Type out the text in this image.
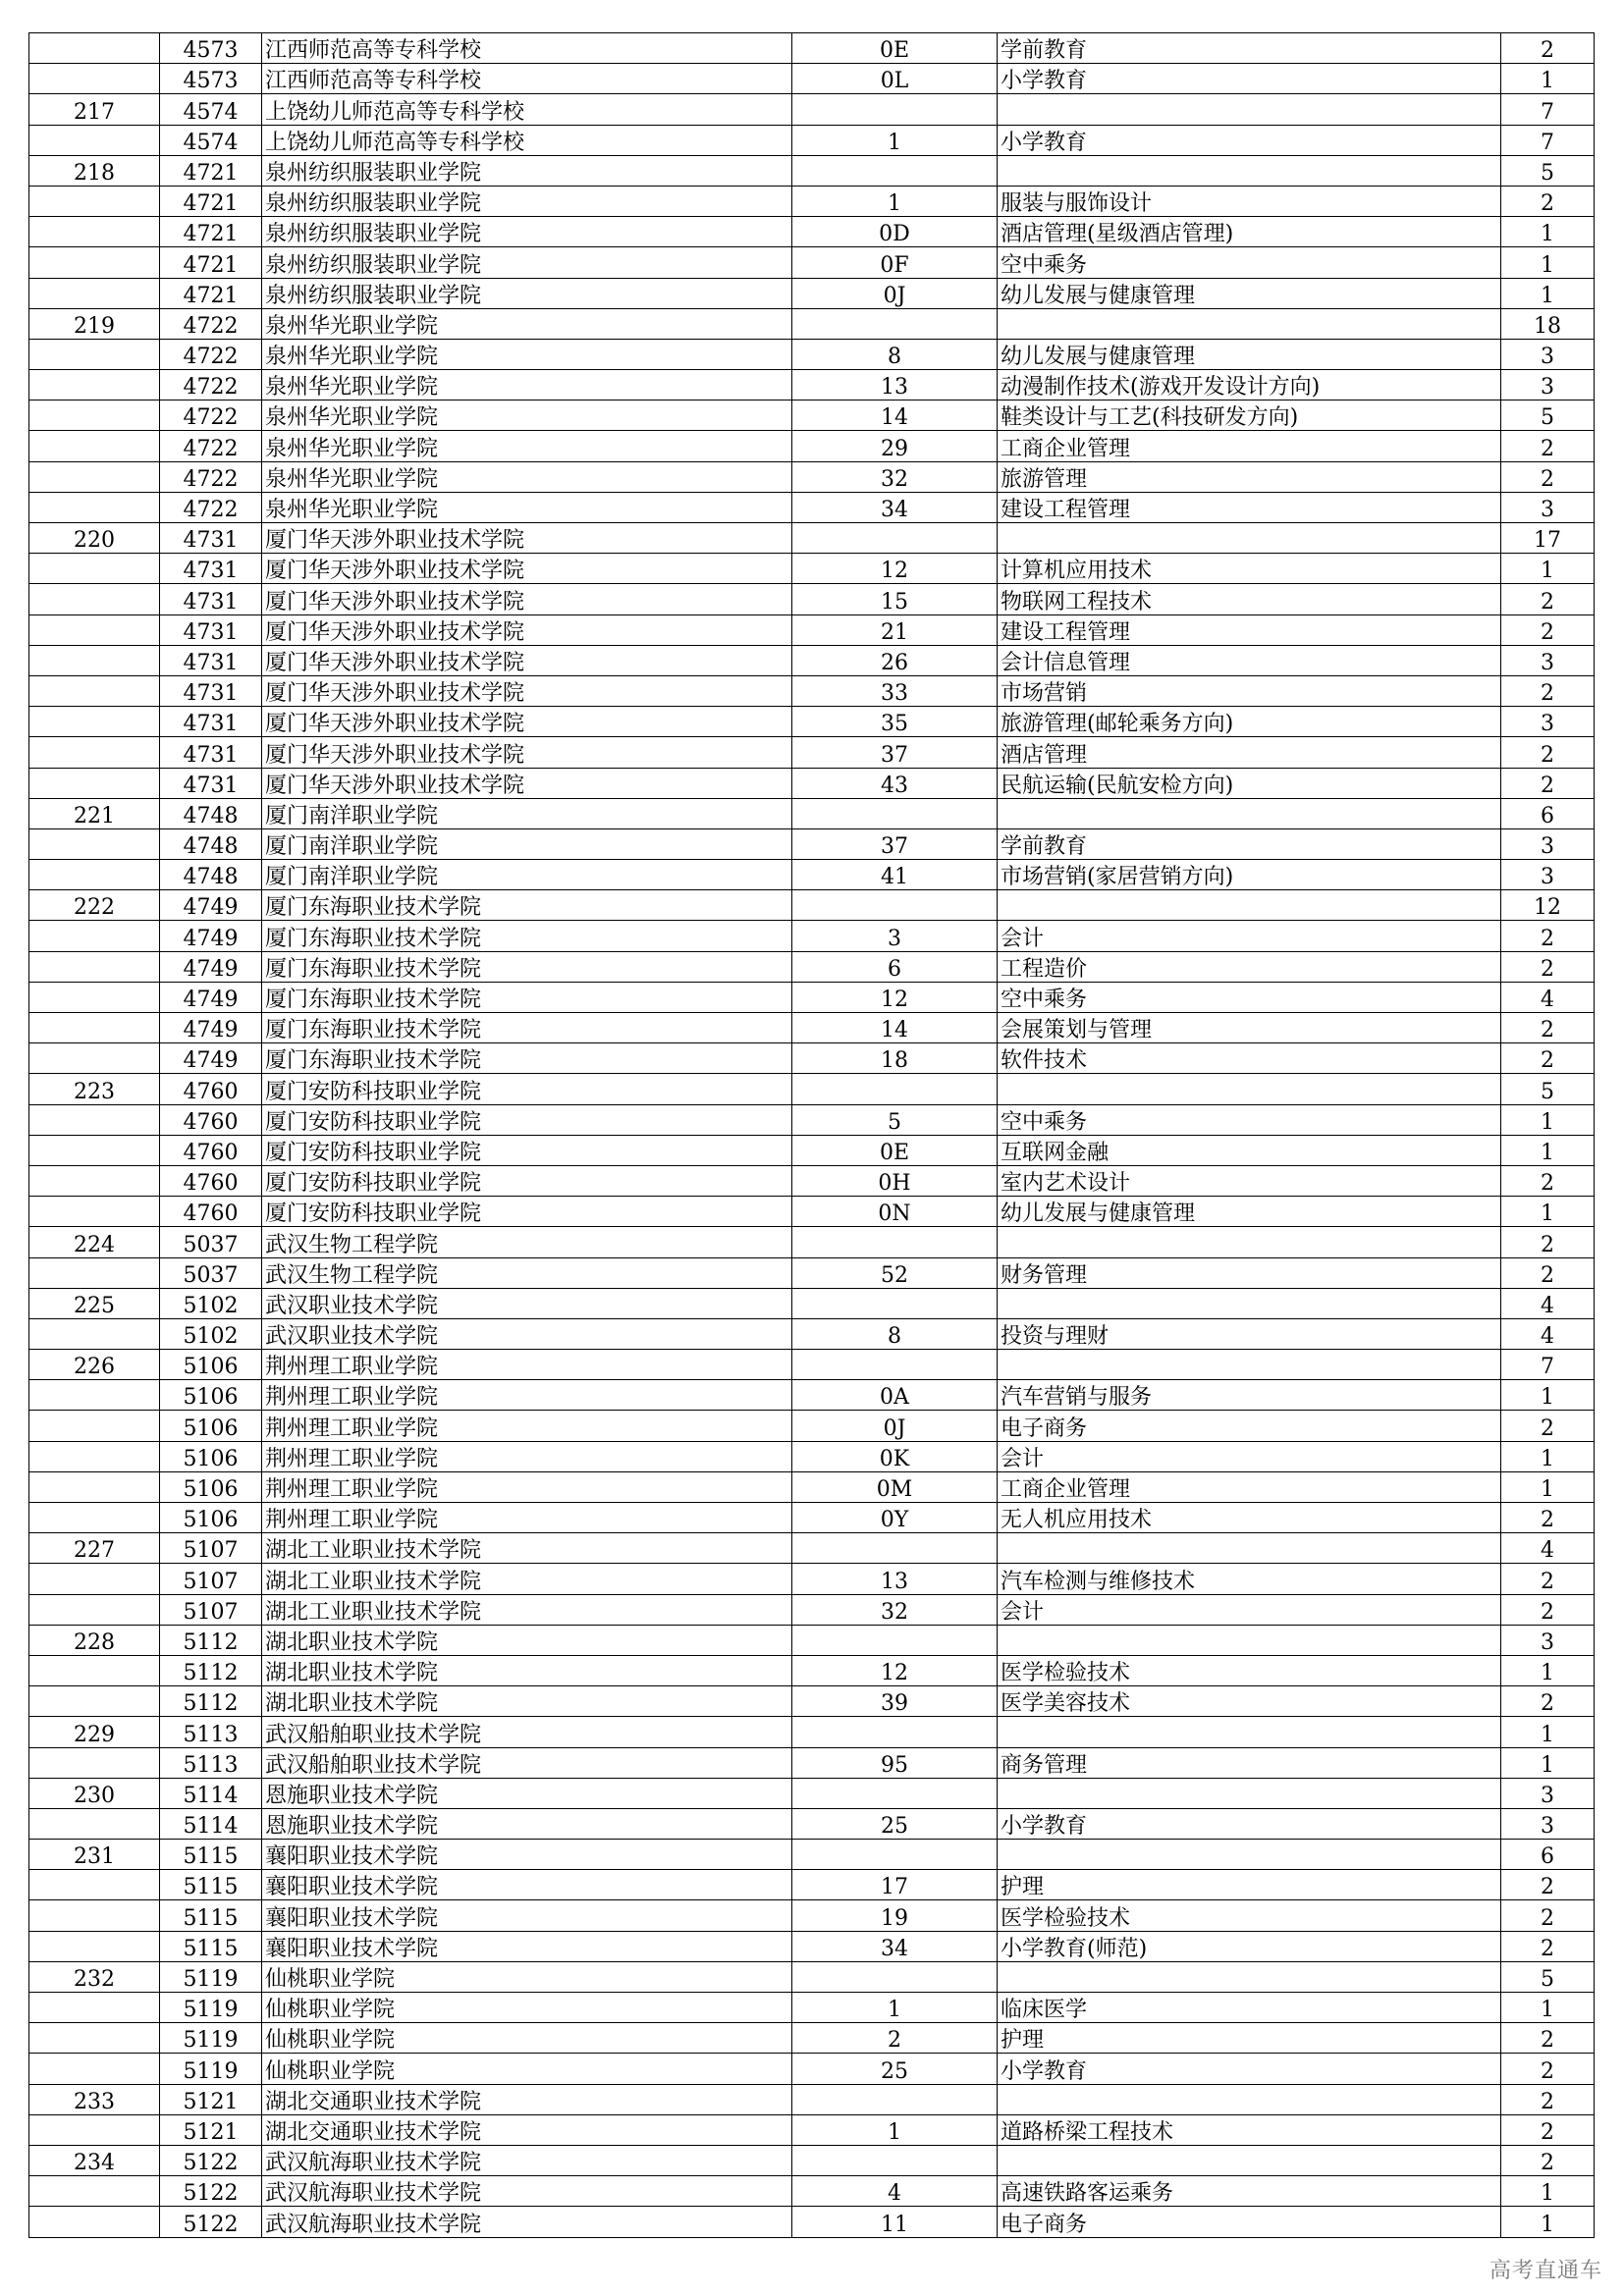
	4573	江西师范高等专科学校	0E	学前教育	2
	4573	江西师范高等专科学校	0L	小学教育	1
217	4574	上饶幼儿师范高等专科学校			7
	4574	上饶幼儿师范高等专科学校	1	小学教育	7
218	4721	泉州纺织服装职业学院			5
	4721	泉州纺织服装职业学院	1	服装与服饰设计	2
	4721	泉州纺织服装职业学院	0D	酒店管理(星级酒店管理)	1
	4721	泉州纺织服装职业学院	0F	空中乘务	1
	4721	泉州纺织服装职业学院	0J	幼儿发展与健康管理	1
219	4722	泉州华光职业学院			18
	4722	泉州华光职业学院	8	幼儿发展与健康管理	3
	4722	泉州华光职业学院	13	动漫制作技术(游戏开发设计方向)	3
	4722	泉州华光职业学院	14	鞋类设计与工艺(科技研发方向)	5
	4722	泉州华光职业学院	29	工商企业管理	2
	4722	泉州华光职业学院	32	旅游管理	2
	4722	泉州华光职业学院	34	建设工程管理	3
220	4731	厦门华天涉外职业技术学院			17
	4731	厦门华天涉外职业技术学院	12	计算机应用技术	1
	4731	厦门华天涉外职业技术学院	15	物联网工程技术	2
	4731	厦门华天涉外职业技术学院	21	建设工程管理	2
	4731	厦门华天涉外职业技术学院	26	会计信息管理	3
	4731	厦门华天涉外职业技术学院	33	市场营销	2
	4731	厦门华天涉外职业技术学院	35	旅游管理(邮轮乘务方向)	3
	4731	厦门华天涉外职业技术学院	37	酒店管理	2
	4731	厦门华天涉外职业技术学院	43	民航运输(民航安检方向)	2
221	4748	厦门南洋职业学院			6
	4748	厦门南洋职业学院	37	学前教育	3
	4748	厦门南洋职业学院	41	市场营销(家居营销方向)	3
222	4749	厦门东海职业技术学院			12
	4749	厦门东海职业技术学院	3	会计	2
	4749	厦门东海职业技术学院	6	工程造价	2
	4749	厦门东海职业技术学院	12	空中乘务	4
	4749	厦门东海职业技术学院	14	会展策划与管理	2
	4749	厦门东海职业技术学院	18	软件技术	2
223	4760	厦门安防科技职业学院			5
	4760	厦门安防科技职业学院	5	空中乘务	1
	4760	厦门安防科技职业学院	0E	互联网金融	1
	4760	厦门安防科技职业学院	0H	室内艺术设计	2
	4760	厦门安防科技职业学院	0N	幼儿发展与健康管理	1
224	5037	武汉生物工程学院			2
	5037	武汉生物工程学院	52	财务管理	2
225	5102	武汉职业技术学院			4
	5102	武汉职业技术学院	8	投资与理财	4
226	5106	荆州理工职业学院			7
	5106	荆州理工职业学院	0A	汽车营销与服务	1
	5106	荆州理工职业学院	0J	电子商务	2
	5106	荆州理工职业学院	0K	会计	1
	5106	荆州理工职业学院	0M	工商企业管理	1
	5106	荆州理工职业学院	0Y	无人机应用技术	2
227	5107	湖北工业职业技术学院			4
	5107	湖北工业职业技术学院	13	汽车检测与维修技术	2
	5107	湖北工业职业技术学院	32	会计	2
228	5112	湖北职业技术学院			3
	5112	湖北职业技术学院	12	医学检验技术	1
	5112	湖北职业技术学院	39	医学美容技术	2
229	5113	武汉船舶职业技术学院			1
	5113	武汉船舶职业技术学院	95	商务管理	1
230	5114	恩施职业技术学院			3
	5114	恩施职业技术学院	25	小学教育	3
231	5115	襄阳职业技术学院			6
	5115	襄阳职业技术学院	17	护理	2
	5115	襄阳职业技术学院	19	医学检验技术	2
	5115	襄阳职业技术学院	34	小学教育(师范)	2
232	5119	仙桃职业学院			5
	5119	仙桃职业学院	1	临床医学	1
	5119	仙桃职业学院	2	护理	2
	5119	仙桃职业学院	25	小学教育	2
233	5121	湖北交通职业技术学院			2
	5121	湖北交通职业技术学院	1	道路桥梁工程技术	2
234	5122	武汉航海职业技术学院			2
	5122	武汉航海职业技术学院	4	高速铁路客运乘务	1
	5122	武汉航海职业技术学院	11	电子商务	1
高考直通车
